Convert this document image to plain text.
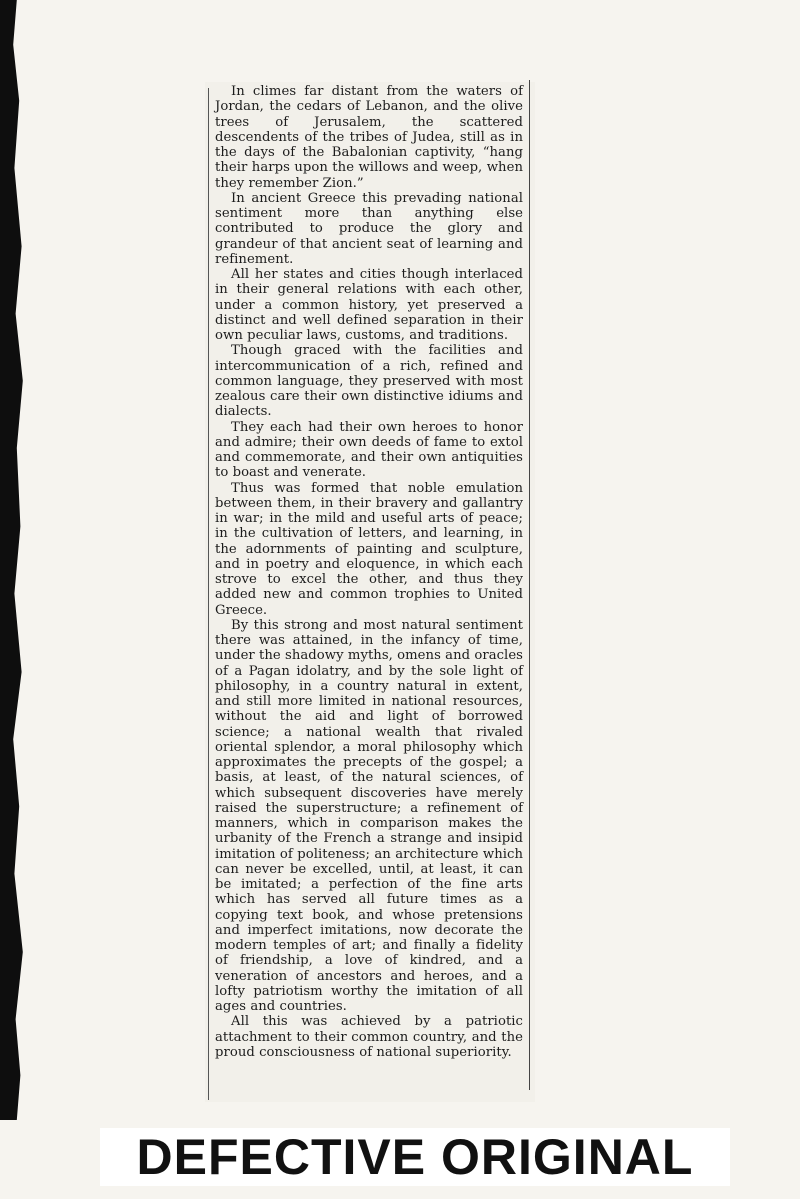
In climes far distant from the waters of Jordan, the cedars of Lebanon, and the olive trees of Jerusalem, the scattered descendents of the tribes of Judea, still as in the days of the Babalonian captivity, “hang their harps upon the willows and weep, when they remember Zion.”

In ancient Greece this prevading national sentiment more than anything else contributed to produce the glory and grandeur of that ancient seat of learning and refinement.

All her states and cities though interlaced in their general relations with each other, under a common history, yet preserved a distinct and well defined separation in their own peculiar laws, customs, and traditions.

Though graced with the facilities and intercommunication of a rich, refined and common language, they preserved with most zealous care their own distinctive idiums and dialects.

They each had their own heroes to honor and admire; their own deeds of fame to extol and commemorate, and their own antiquities to boast and venerate.

Thus was formed that noble emulation between them, in their bravery and gallantry in war; in the mild and useful arts of peace; in the cultivation of letters, and learning, in the adornments of painting and sculpture, and in poetry and eloquence, in which each strove to excel the other, and thus they added new and common trophies to United Greece.

By this strong and most natural sentiment there was attained, in the infancy of time, under the shadowy myths, omens and oracles of a Pagan idolatry, and by the sole light of philosophy, in a country natural in extent, and still more limited in national resources, without the aid and light of borrowed science; a national wealth that rivaled oriental splendor, a moral philosophy which approximates the precepts of the gospel; a basis, at least, of the natural sciences, of which subsequent discoveries have merely raised the superstructure; a refinement of manners, which in comparison makes the urbanity of the French a strange and insipid imitation of politeness; an architecture which can never be excelled, until, at least, it can be imitated; a perfection of the fine arts which has served all future times as a copying text book, and whose pretensions and imperfect imitations, now decorate the modern temples of art; and finally a fidelity of friendship, a love of kindred, and a veneration of ancestors and heroes, and a lofty patriotism worthy the imitation of all ages and countries.

All this was achieved by a patriotic attachment to their common country, and the proud consciousness of national superiority.

DEFECTIVE ORIGINAL
